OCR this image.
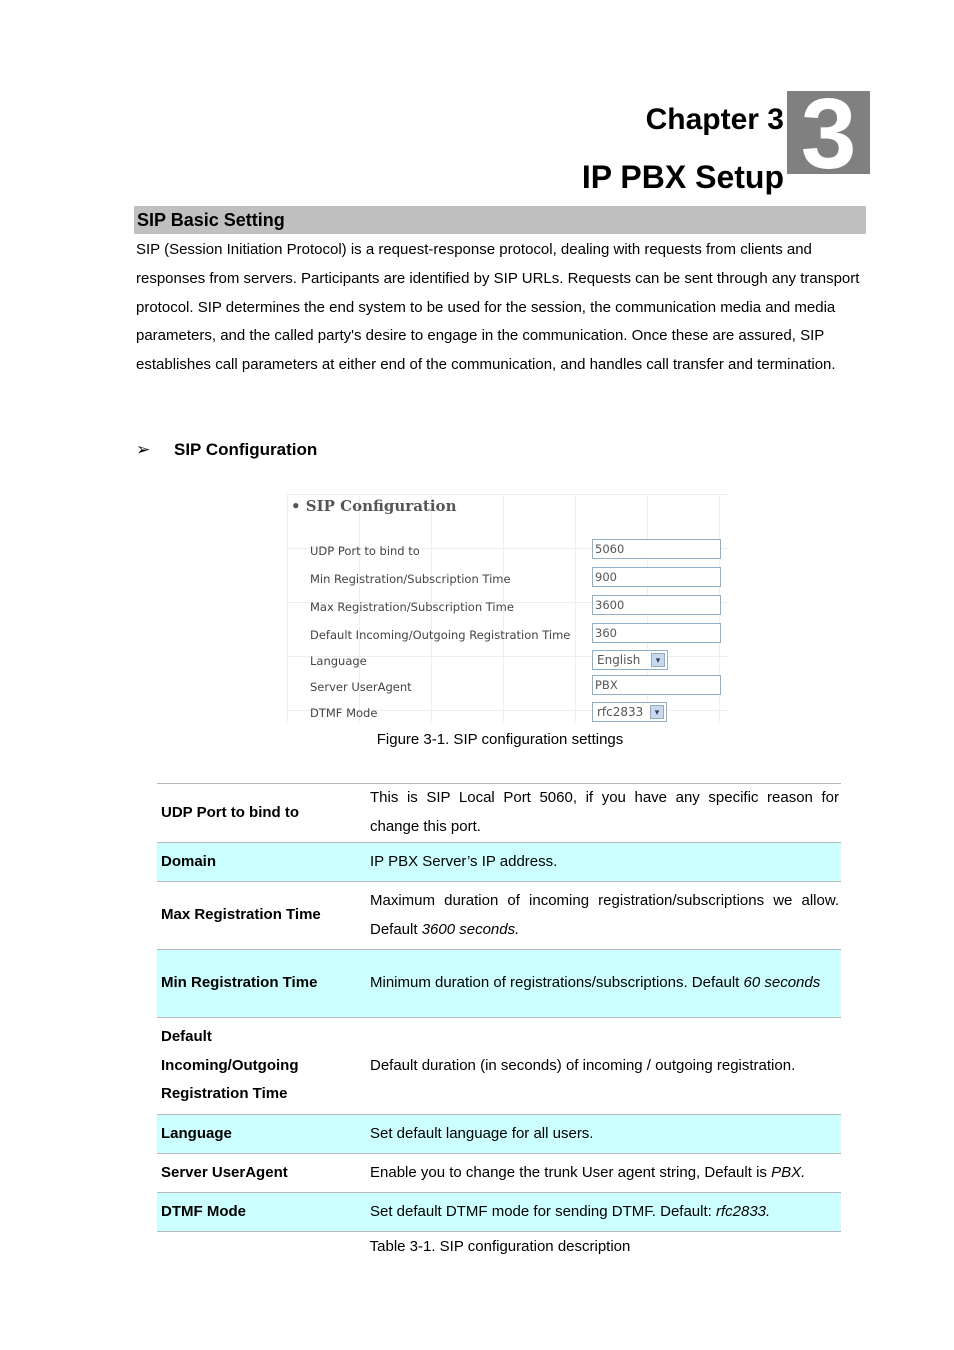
Chapter 3
IP PBX Setup 3
SIP Basic Setting
SIP (Session Initiation Protocol) is a request-response protocol, dealing with requests from clients and responses from servers. Participants are identified by SIP URLs. Requests can be sent through any transport protocol. SIP determines the end system to be used for the session, the communication media and media parameters, and the called party's desire to engage in the communication. Once these are assured, SIP establishes call parameters at either end of the communication, and handles call transfer and termination.
➢ SIP Configuration
• SIP Configuration
UDP Port to bind to	5060
Min Registration/Subscription Time	900
Max Registration/Subscription Time	3600
Default Incoming/Outgoing Registration Time 360
Language	English	▾
Server UserAgent	PBX
DTMF Mode	rfc2833	▾
Figure 3-1. SIP configuration settings
UDP Port to bind to	This is SIP Local Port 5060, if you have any specific reason for change this port.
Domain	IP PBX Server’s IP address.
Max Registration Time	Maximum duration of incoming registration/subscriptions we allow. Default 3600 seconds.
Min Registration Time	Minimum duration of registrations/subscriptions. Default 60 seconds
Default Incoming/Outgoing Registration Time	Default duration (in seconds) of incoming / outgoing registration.
Language	Set default language for all users.
Server UserAgent	Enable you to change the trunk User agent string, Default is PBX.
DTMF Mode	Set default DTMF mode for sending DTMF. Default: rfc2833.
Table 3-1. SIP configuration description
